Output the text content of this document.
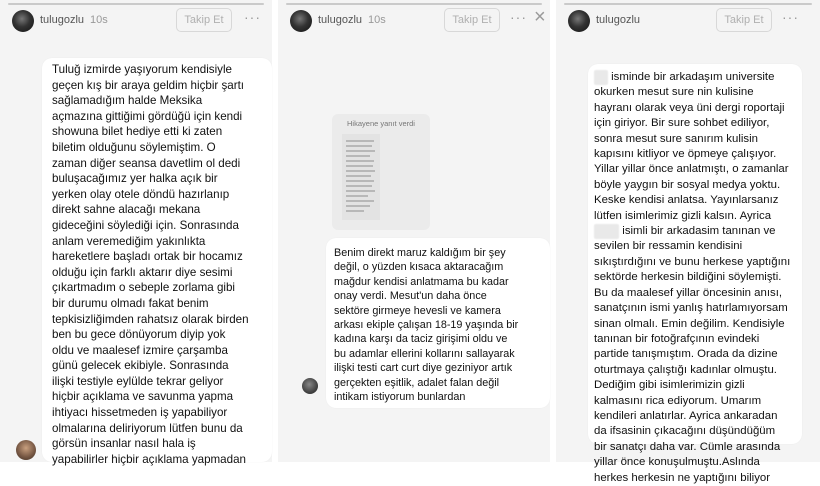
tulugozlu 10s	Takip Et	···
Tuluğ izmirde yaşıyorum kendisiyle
geçen kış bir araya geldim hiçbir şartı
sağlamadığım halde Meksika
açmazına gittiğimi gördüğü için kendi
showuna bilet hediye etti ki zaten
biletim olduğunu söylemiştim. O
zaman diğer seansa davetlim ol dedi
buluşacağımız yer halka açık bir
yerken olay otele döndü hazırlanıp
direkt sahne alacağı mekana
gideceğini söylediği için. Sonrasında
anlam veremediğim yakınlıkta
hareketlere başladı ortak bir hocamız
olduğu için farklı aktarır diye sesimi
çıkartmadım o sebeple zorlama gibi
bir durumu olmadı fakat benim
tepkisizliğimden rahatsız olarak birden
ben bu gece dönüyorum diyip yok
oldu ve maalesef izmire çarşamba
günü gelecek ekibiyle. Sonrasında
ilişki testiyle eylülde tekrar geliyor
hiçbir açıklama ve savunma yapma
ihtiyacı hissetmeden iş yapabiliyor
olmalarına deliriyorum lütfen bunu da
görsün insanlar nasıl hala iş
yapabilirler hiçbir açıklama yapmadan
tulugozlu 10s	Takip Et	··· ×
Hikayene yanıt verdi
Benim direkt maruz kaldığım bir şey
değil, o yüzden kısaca aktaracağım
mağdur kendisi anlatmama bu kadar
onay verdi. Mesut'un daha önce
sektöre girmeye hevesli ve kamera
arkası ekiple çalışan 18-19 yaşında bir
kadına karşı da taciz girişimi oldu ve
bu adamlar ellerini kollarını sallayarak
ilişki testi cart curt diye geziniyor artık
gerçekten eşitlik, adalet falan değil
intikam istiyorum bunlardan
tulugozlu	Takip Et	···
isminde bir arkadaşım universite
okurken mesut sure nin kulisine
hayranı olarak veya üni dergi roportaji
için giriyor. Bir sure sohbet ediliyor,
sonra mesut sure sanırım kulisin
kapısını kitliyor ve öpmeye çalışıyor.
Yillar yillar önce anlatmıştı, o zamanlar
böyle yaygın bir sosyal medya yoktu.
Keske kendisi anlatsa. Yayınlarsanız
lütfen isimlerimiz gizli kalsın. Ayrica
isimli bir arkadasim tanınan ve
sevilen bir ressamin kendisini
sıkıştırdığını ve bunu herkese yaptığını
sektörde herkesin bildiğini söylemişti.
Bu da maalesef yillar öncesinin anısı,
sanatçının ismi yanlış hatırlamıyorsam
sinan olmalı. Emin değilim. Kendisiyle
tanınan bir fotoğrafçının evindeki
partide tanışmıştım. Orada da dizine
oturtmaya çalıştığı kadınlar olmuştu.
Dediğim gibi isimlerimizin gizli
kalmasını rica ediyorum. Umarım
kendileri anlatırlar. Ayrica ankaradan
da ifsasinin çıkacağını düşündüğüm
bir sanatçı daha var. Cümle arasında
yillar önce konuşulmuştu.Aslında
herkes herkesin ne yaptığını biliyor
